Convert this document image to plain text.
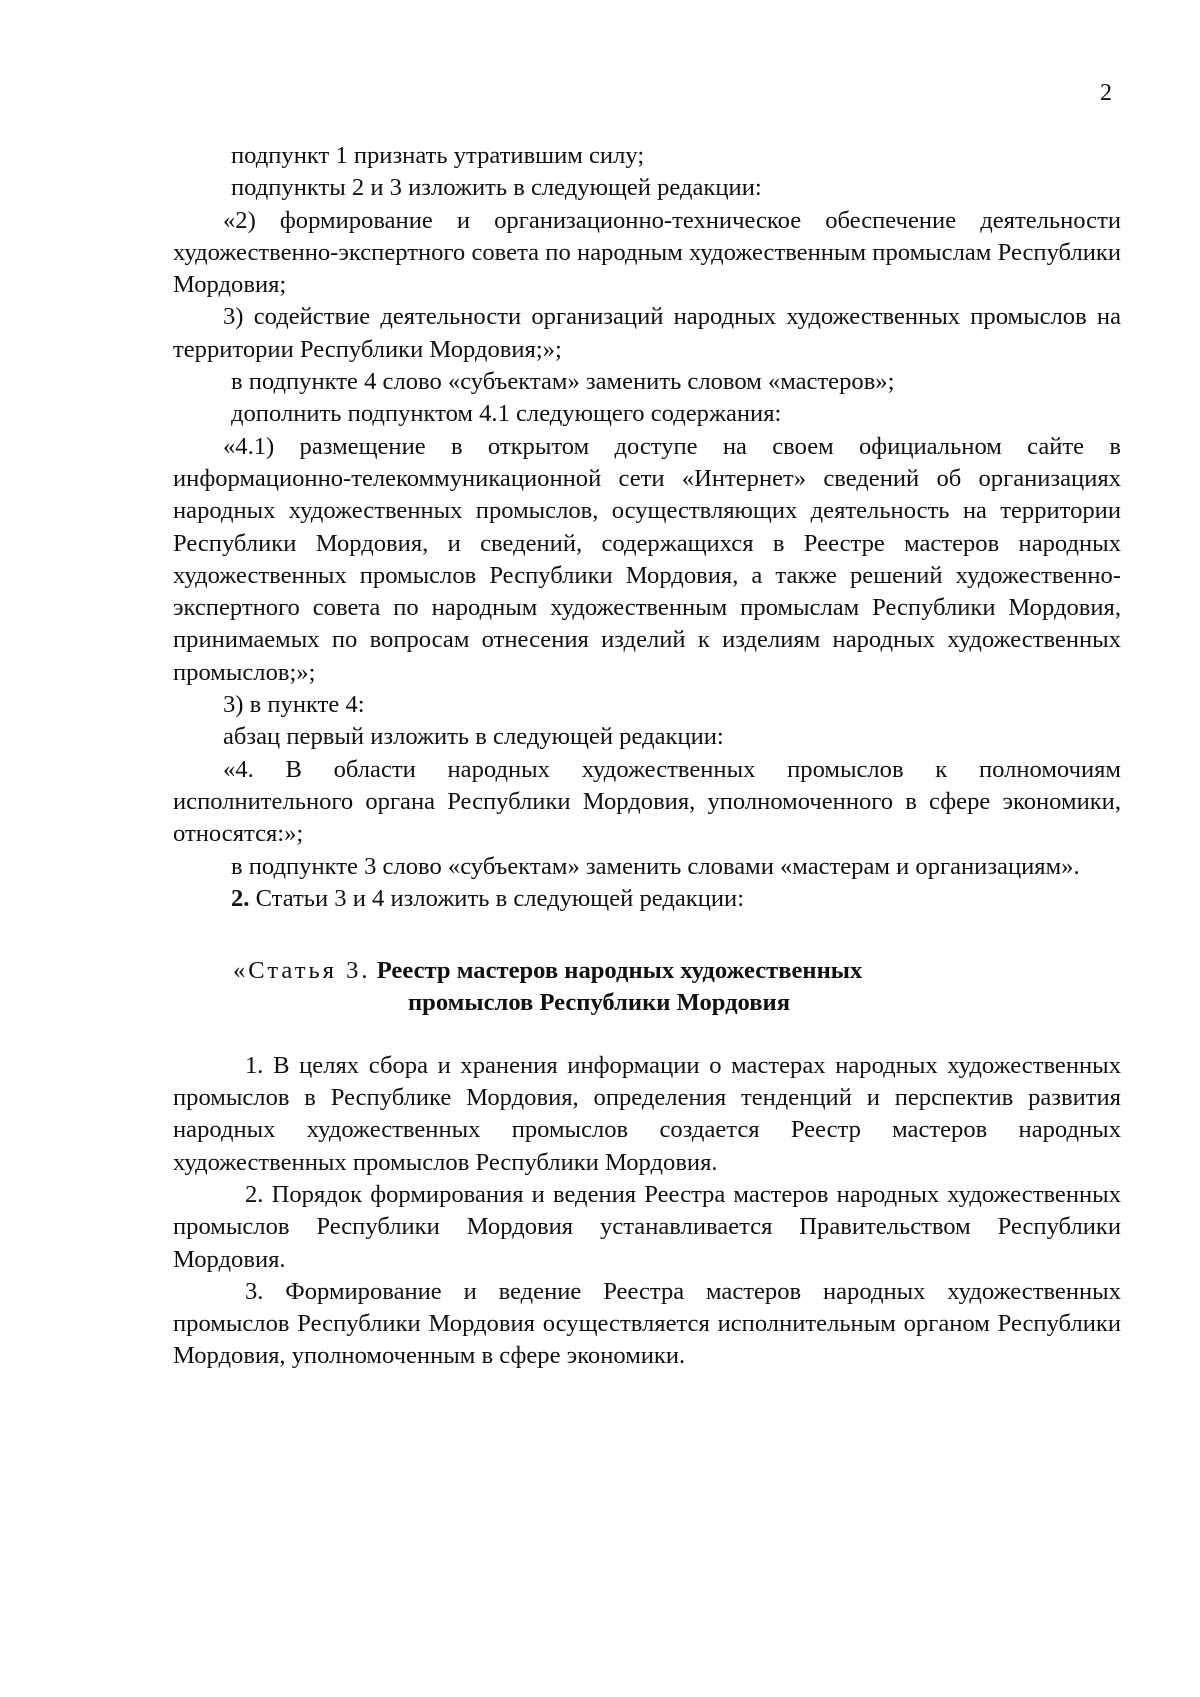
2

подпункт 1 признать утратившим силу;

подпункты 2 и 3 изложить в следующей редакции:

«2) формирование и организационно-техническое обеспечение деятельности художественно-экспертного совета по народным художественным промыслам Республики Мордовия;

3) содействие деятельности организаций народных художественных промыслов на территории Республики Мордовия;»;

в подпункте 4 слово «субъектам» заменить словом «мастеров»;

дополнить подпунктом 4.1 следующего содержания:

«4.1) размещение в открытом доступе на своем официальном сайте в информационно-телекоммуникационной сети «Интернет» сведений об организациях народных художественных промыслов, осуществляющих деятельность на территории Республики Мордовия, и сведений, содержащихся в Реестре мастеров народных художественных промыслов Республики Мордовия, а также решений художественно-экспертного совета по народным художественным промыслам Республики Мордовия, принимаемых по вопросам отнесения изделий к изделиям народных художественных промыслов;»;

3) в пункте 4:

абзац первый изложить в следующей редакции:

«4. В области народных художественных промыслов к полномочиям исполнительного органа Республики Мордовия, уполномоченного в сфере экономики, относятся:»;

в подпункте 3 слово «субъектам» заменить словами «мастерам и организациям».

2. Статьи 3 и 4 изложить в следующей редакции:

«Статья 3. Реестр мастеров народных художественных
промыслов Республики Мордовия

1. В целях сбора и хранения информации о мастерах народных художественных промыслов в Республике Мордовия, определения тенденций и перспектив развития народных художественных промыслов создается Реестр мастеров народных художественных промыслов Республики Мордовия.

2. Порядок формирования и ведения Реестра мастеров народных художественных промыслов Республики Мордовия устанавливается Правительством Республики Мордовия.

3. Формирование и ведение Реестра мастеров народных художественных промыслов Республики Мордовия осуществляется исполнительным органом Республики Мордовия, уполномоченным в сфере экономики.
